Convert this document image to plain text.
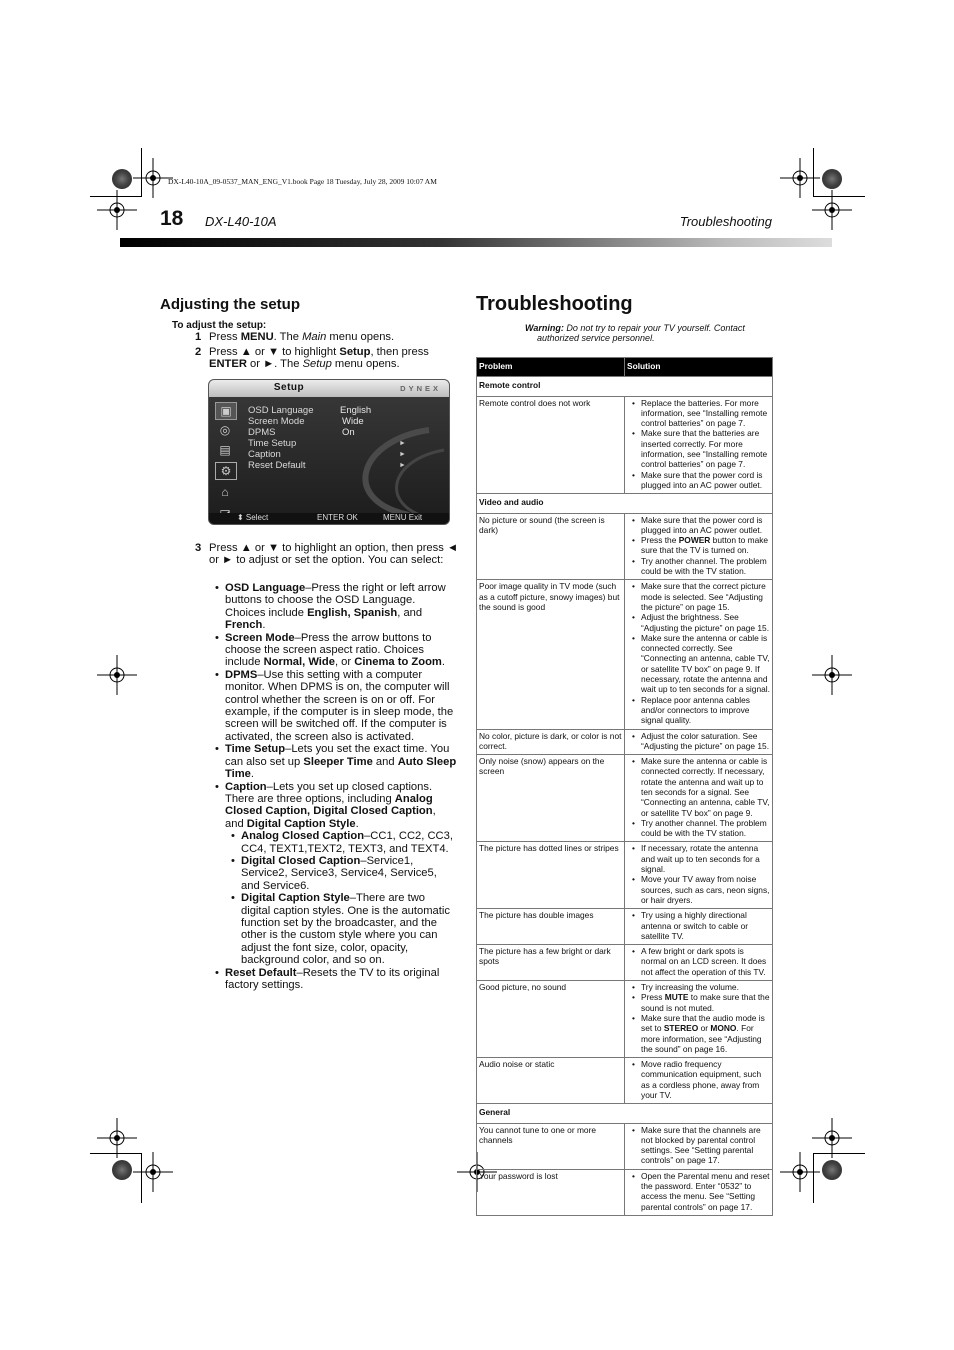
DX-L40-10A_09-0537_MAN_ENG_V1.book Page 18 Tuesday, July 28, 2009 10:07 AM
18 DX-L40-10A	Troubleshooting
Adjusting the setup
To adjust the setup:
1 Press MENU. The Main menu opens.
2 Press ▲ or ▼ to highlight Setup, then press ENTER or ►. The Setup menu opens.
Setup	DYNEX
▣
◎
▤
⚙
⌂
OSD Language	English
Screen Mode	Wide
DPMS	On
Time Setup	►
Caption	►
Reset Default	►
⬍ Select	ENTER OK	MENU Exit
3 Press ▲ or ▼ to highlight an option, then press ◄ or ► to adjust or set the option. You can select:
• OSD Language–Press the right or left arrow buttons to choose the OSD Language. Choices include English, Spanish, and French.
• Screen Mode–Press the arrow buttons to choose the screen aspect ratio. Choices include Normal, Wide, or Cinema to Zoom.
• DPMS–Use this setting with a computer monitor. When DPMS is on, the computer will control whether the screen is on or off. For example, if the computer is in sleep mode, the screen will be switched off. If the computer is activated, the screen also is activated.
• Time Setup–Lets you set the exact time. You can also set up Sleeper Time and Auto Sleep Time.
• Caption–Lets you set up closed captions. There are three options, including Analog Closed Caption, Digital Closed Caption, and Digital Caption Style.
• Analog Closed Caption–CC1, CC2, CC3, CC4, TEXT1,TEXT2, TEXT3, and TEXT4.
• Digital Closed Caption–Service1, Service2, Service3, Service4, Service5, and Service6.
• Digital Caption Style–There are two digital caption styles. One is the automatic function set by the broadcaster, and the other is the custom style where you can adjust the font size, color, opacity, background color, and so on.
• Reset Default–Resets the TV to its original factory settings.
Troubleshooting
Warning: Do not try to repair your TV yourself. Contact
authorized service personnel.
Problem	Solution
Remote control	
Remote control does not work	• Replace the batteries. For more information, see “Installing remote control batteries” on page 7.
• Make sure that the batteries are inserted correctly. For more information, see “Installing remote control batteries” on page 7.
• Make sure that the power cord is plugged into an AC power outlet.

Video and audio	
No picture or sound (the screen is dark)	• Make sure that the power cord is plugged into an AC power outlet.
• Press the POWER button to make sure that the TV is turned on.
• Try another channel. The problem could be with the TV station.

Poor image quality in TV mode (such as a cutoff picture, snowy images) but the sound is good	• Make sure that the correct picture mode is selected. See “Adjusting the picture” on page 15.
• Adjust the brightness. See “Adjusting the picture” on page 15.
• Make sure the antenna or cable is connected correctly. See “Connecting an antenna, cable TV, or satellite TV box” on page 9. If necessary, rotate the antenna and wait up to ten seconds for a signal.
• Replace poor antenna cables and/or connectors to improve signal quality.

No color, picture is dark, or color is not correct.	• Adjust the color saturation. See “Adjusting the picture” on page 15.

Only noise (snow) appears on the screen	• Make sure the antenna or cable is connected correctly. If necessary, rotate the antenna and wait up to ten seconds for a signal. See “Connecting an antenna, cable TV, or satellite TV box” on page 9.
• Try another channel. The problem could be with the TV station.

The picture has dotted lines or stripes	• If necessary, rotate the antenna and wait up to ten seconds for a signal.
• Move your TV away from noise sources, such as cars, neon signs, or hair dryers.

The picture has double images	• Try using a highly directional antenna or switch to cable or satellite TV.

The picture has a few bright or dark spots	• A few bright or dark spots is normal on an LCD screen. It does not affect the operation of this TV.

Good picture, no sound	• Try increasing the volume.
• Press MUTE to make sure that the sound is not muted.
• Make sure that the audio mode is set to STEREO or MONO. For more information, see “Adjusting the sound” on page 16.

Audio noise or static	• Move radio frequency communication equipment, such as a cordless phone, away from your TV.

General	
You cannot tune to one or more channels	• Make sure that the channels are not blocked by parental control settings. See “Setting parental controls” on page 17.

Your password is lost	• Open the Parental menu and reset the password. Enter “0532” to access the menu. See “Setting parental controls” on page 17.
